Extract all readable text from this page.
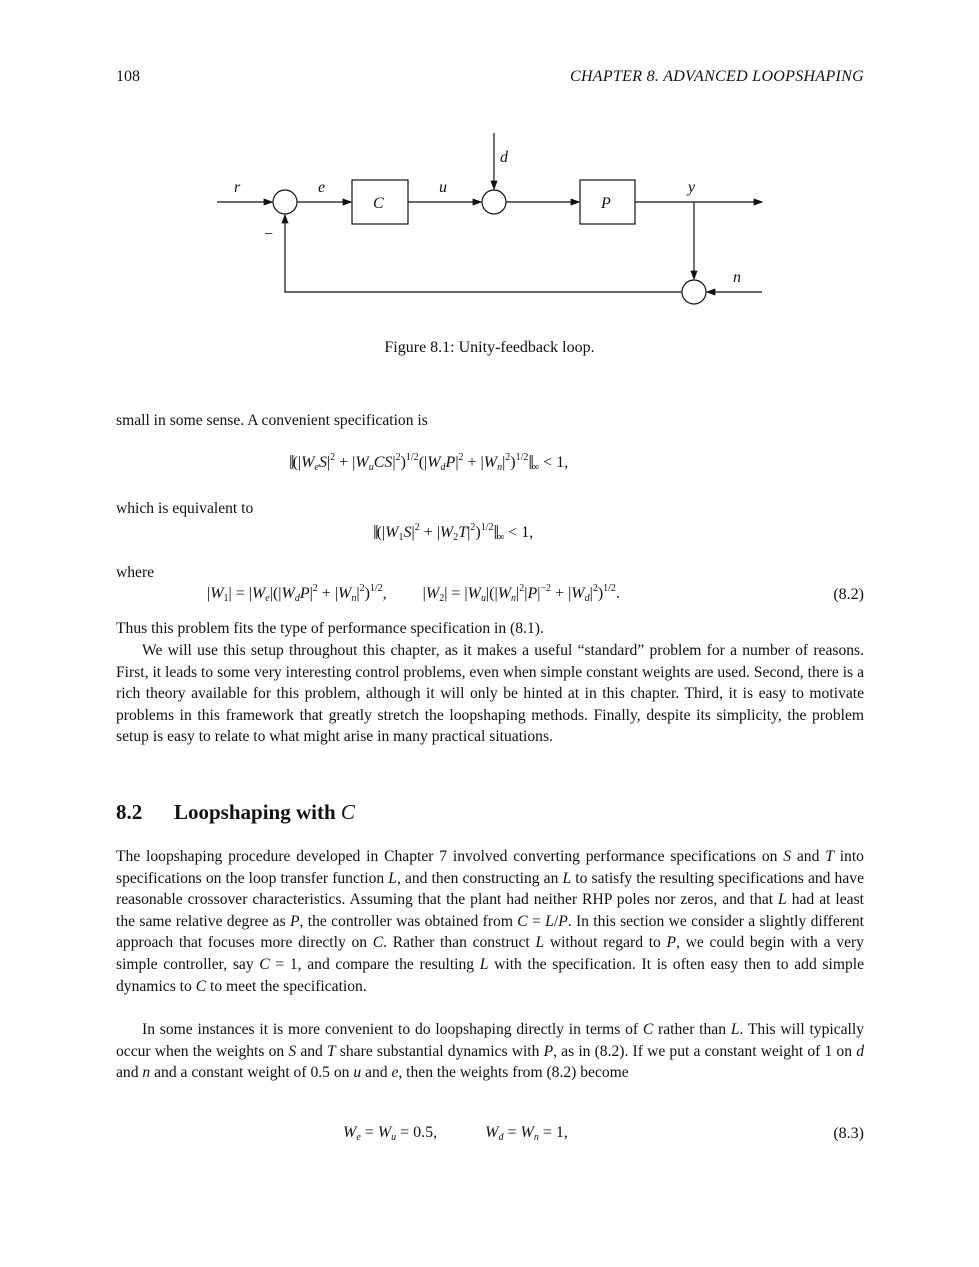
108	CHAPTER 8. ADVANCED LOOPSHAPING
r	e	u
d
y
n
−
C	P
Figure 8.1: Unity-feedback loop.
small in some sense. A convenient specification is
$‖(|W_eS|^2 + |W_uCS|^2)^{1/2}(|W_dP|^2$ + $|W_n|^2)^{1/2}‖_\infty < 1$,
which is equivalent to
$‖(|W_1S|^2$ + $|W_2T|^2)^{1/2}‖_\infty < 1$,
where
$|W_1| = |W_e|(|W_dP|^2 + |W_n|^2)^{1/2}$,         $|W_2| = |W_u|(|W_n|^2|P|^{-2} + |W_d|^2)^{1/2}$.	(8.2)
Thus this problem fits the type of performance specification in (8.1).
We will use this setup throughout this chapter, as it makes a useful “standard” problem for a number of reasons. First, it leads to some very interesting control problems, even when simple constant weights are used. Second, there is a rich theory available for this problem, although it will only be hinted at in this chapter. Third, it is easy to motivate problems in this framework that greatly stretch the loopshaping methods. Finally, despite its simplicity, the problem setup is easy to relate to what might arise in many practical situations.
8.2 Loopshaping with C
The loopshaping procedure developed in Chapter 7 involved converting performance specifications on S and T into specifications on the loop transfer function L, and then constructing an L to satisfy the resulting specifications and have reasonable crossover characteristics. Assuming that the plant had neither RHP poles nor zeros, and that L had at least the same relative degree as P, the controller was obtained from C = L/P. In this section we consider a slightly different approach that focuses more directly on C. Rather than construct L without regard to P, we could begin with a very simple controller, say C = 1, and compare the resulting L with the specification. It is often easy then to add simple dynamics to C to meet the specification.
In some instances it is more convenient to do loopshaping directly in terms of C rather than L. This will typically occur when the weights on S and T share substantial dynamics with P, as in (8.2). If we put a constant weight of 1 on d and n and a constant weight of 0.5 on u and e, then the weights from (8.2) become
$W_e = W_u = 0.5$,            $W_d = W_n = 1$,	(8.3)
